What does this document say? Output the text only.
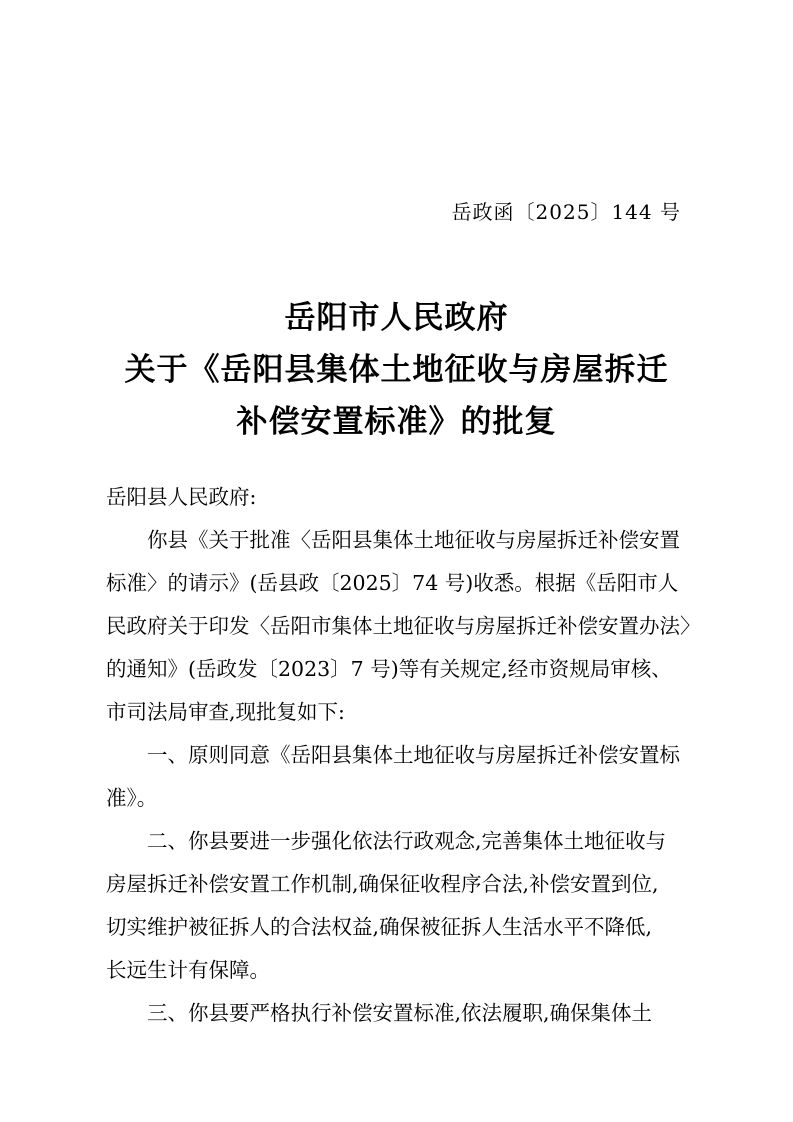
岳政函〔2025〕144 号
岳阳市人民政府
关于《岳阳县集体土地征收与房屋拆迁
补偿安置标准》的批复
岳阳县人民政府:
你县《关于批准〈岳阳县集体土地征收与房屋拆迁补偿安置
标准〉的请示》(岳县政〔2025〕74 号)收悉。根据《岳阳市人
民政府关于印发〈岳阳市集体土地征收与房屋拆迁补偿安置办法〉
的通知》(岳政发〔2023〕7 号)等有关规定,经市资规局审核、
市司法局审查,现批复如下:
一、原则同意《岳阳县集体土地征收与房屋拆迁补偿安置标
准》。
二、你县要进一步强化依法行政观念,完善集体土地征收与
房屋拆迁补偿安置工作机制,确保征收程序合法,补偿安置到位,
切实维护被征拆人的合法权益,确保被征拆人生活水平不降低,
长远生计有保障。
三、你县要严格执行补偿安置标准,依法履职,确保集体土
